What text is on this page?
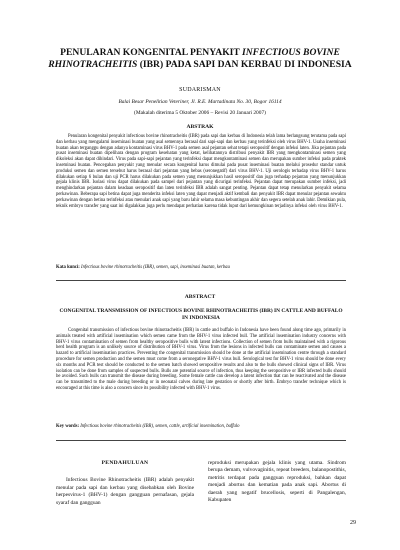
PENULARAN KONGENITAL PENYAKIT INFECTIOUS BOVINE
RHINOTRACHEITIS (IBR) PADA SAPI DAN KERBAU DI INDONESIA
SUDARISMAN
Balai Besar Penelitian Veteriner, Jl. R.E. Martadinata No. 30, Bogor 16114
(Makalah diterima 5 Oktober 2006 – Revisi 20 Januari 2007)
ABSTRAK

Penularan kongenital penyakit infectious bovine rhinotracheitis (IBR) pada sapi dan kerbau di Indonesia telah lama berlangsung terutama pada sapi dan kerbau yang mengalami inseminasi buatan yang asal semennya berasal dari sapi-sapi dan kerbau yang terinfeksi oleh virus BHV-1. Usaha inseminasi buatan akan terganggu dengan adanya kontaminasi virus BHV-1 pada semen asal pejantan sehat tetapi seropositif dengan infeksi laten. Jika pejantan pada pusat inseminasi buatan dipelihara dengan program kesehatan yang ketat, kelihatannya distribusi penyakit IBR yang mengkontaminasi semen yang dikoleksi akan dapat dihindari. Virus pada sapi-sapi pejantan yang terinfeksi dapat mengkontaminasi semen dan merupakan sumber infeksi pada praktek inseminasi buatan. Pencegahan penyakit yang menular secara kongenital harus dimulai pada pusat inseminasi buatan melalui prosedur standar untuk produksi semen dan semen tersebut harus berasal dari pejantan yang bebas (seronegatif) dari virus BHV-1. Uji serologis terhadap virus BHV-1 harus dilakukan setiap 6 bulan dan uji PCR harus dilakukan pada semen yang menunjukkan hasil seropositif dan juga terhadap pejantan yang menunjukkan gejala klinis IBR. Isolasi virus dapat dilakukan pada sampel dari pejantan yang dicurigai terinfeksi. Pejantan dapat merupakan sumber infeksi, jadi menghindarkan pejantan dalam keadaan seropositif dan laten terinfeksi IBR adalah sangat penting. Pejantan dapat tetap menularkan penyakit selama perkawinan. Beberapa sapi betina dapat juga menderita infeksi laten yang dapat menjadi aktif kembali dan penyakit IBR dapat menular pejantan sewaktu perkawinan dengan betina terinfeksi atau menulari anak sapi yang baru lahir selama masa kebuntingan akhir dan segera setelah anak lahir. Demikian pula, teknik embryo transfer yang saat ini digalakkan juga perlu mendapat perhatian karena tidak luput dari kemungkinan terjadinya infeksi oleh virus BHV-1.

Kata kunci: Infectious bovine rhinotracheitis (IBR), semen, sapi, inseminasi buatan, kerbau

ABSTRACT
CONGENITAL TRANSMISSION OF INFECTIOUS BOVINE RHINOTRACHEITIS (IBR) IN CATTLE AND BUFFALO IN INDONESIA

Congenital transmission of infectious bovine rhinotracheitis (IBR) in cattle and buffalo in Indonesia have been found along time ago, primarily in animals treated with artificial insemination which semen came from the BHV-1 virus infected bull. The artificial insemination industry concerns with BHV-1 virus contamination of semen from healthy seropositive bulls with latent infections. Collection of semen from bulls maintained with a rigorous herd health program is an unlikely source of distribution of BHV-1 virus. Virus from the lesions in infected bulls can contaminate semen and causes a hazard to artificial insemination practices. Preventing the congenital transmission should be done at the artificial insemination centre through a standard procedure for semen production and the semen must come from a seronegative BHV-1 virus bull. Serological test for BHV-1 virus should be done every six months and PCR test should be conducted to the semen batch showed seropositive results and also to the bulls showed clinical signs of IBR. Virus isolation can be done from samples of suspected bulls. Bulls are potential source of infection, thus keeping the seropositive or IBR infected bulls should be avoided. Such bulls can transmit the disease during breeding. Some female cattle can develop a latent infection that can be reactivated and the disease can be transmitted to the male during breeding or in neonatal calves during late gestation or shortly after birth. Embryo transfer technique which is encouraged at this time is also a concern since its possibility infected with BHV-1 virus.

Key words: Infectious bovine rhinotracheitis (IBR), semen, cattle, artificial insemination, buffalo

PENDAHULUAN

Infectious Bovine Rhinotracheitis (IBR) adalah penyakit menular pada sapi dan kerbau yang disebabkan oleh Bovine herpesvirus-1 (BHV-1) dengan gangguan pernafasan, gejala syaraf dan gangguan

reproduksi merupakan gejala klinis yang utama. Sindrom berupa demam, vulvovaginitis, repeat breeders, balanopostithis, metritis terdapat pada gangguan reproduksi, bahkan dapat menjadi abortus dan kematian pada anak sapi. Abortus di daerah yang negatif brucellosis, seperti di Pangalengan, Kabupaten

29
